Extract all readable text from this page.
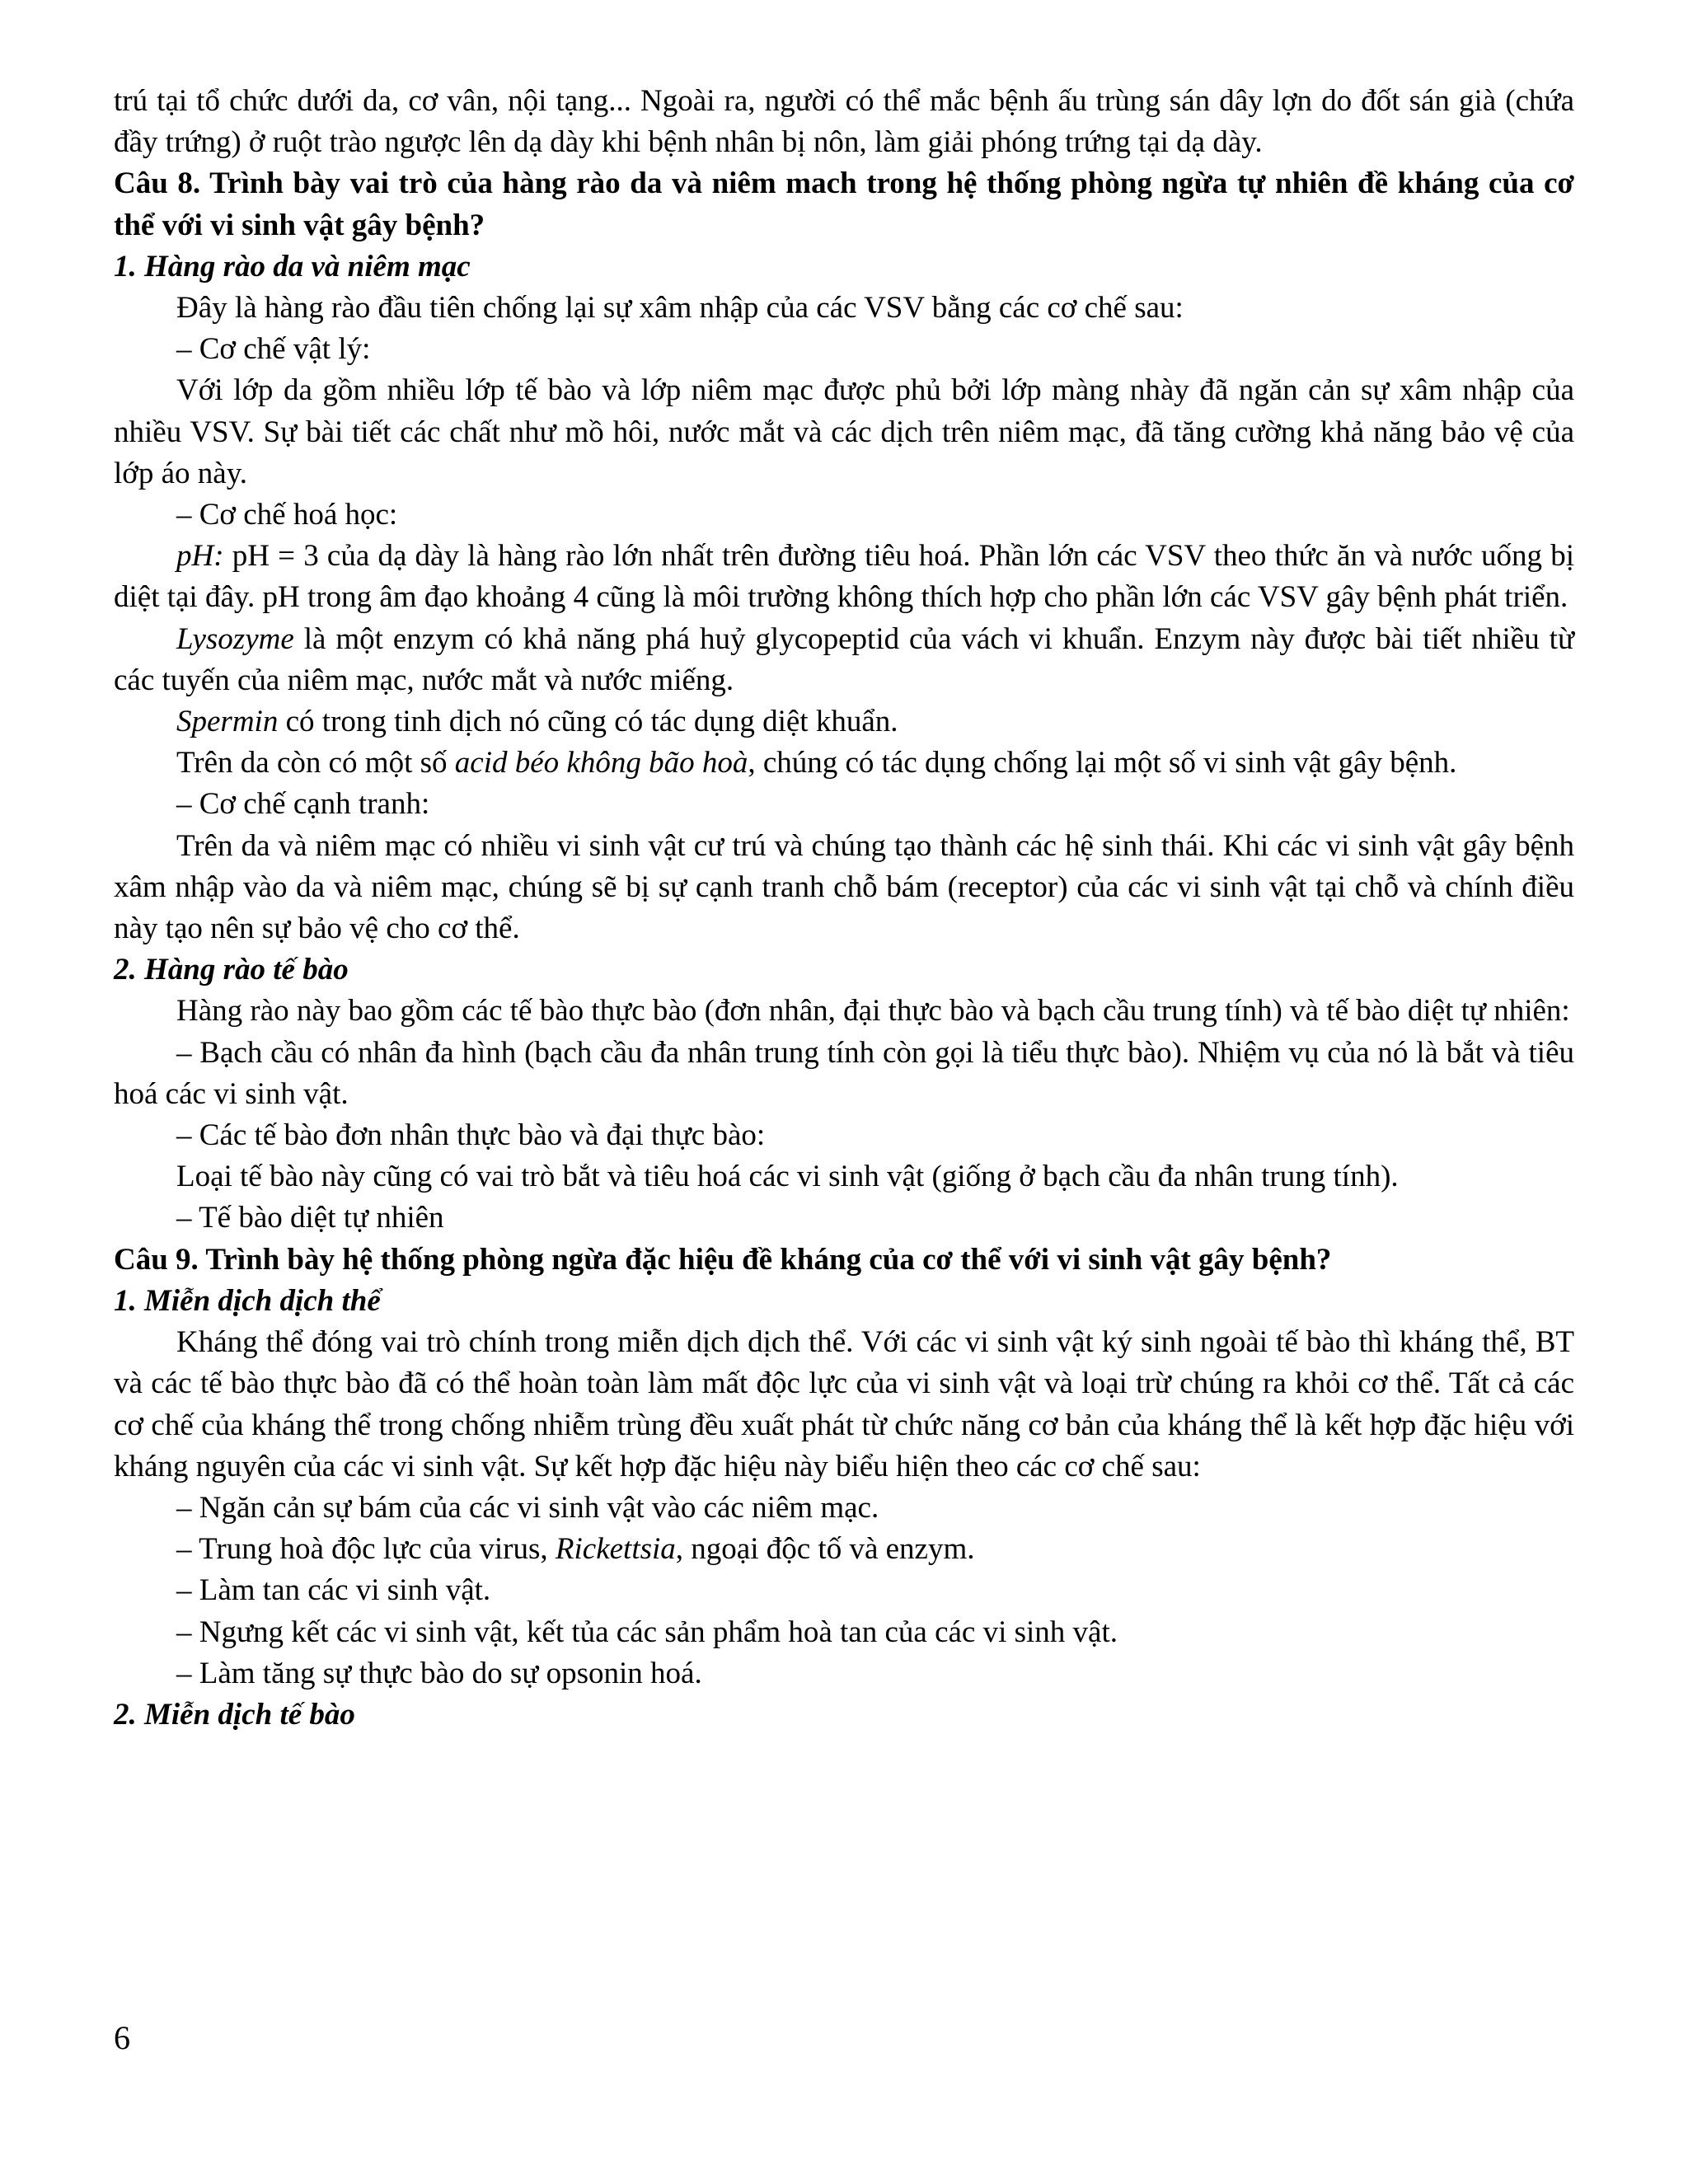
trú tại tổ chức dưới da, cơ vân, nội tạng... Ngoài ra, người có thể mắc bệnh ấu trùng sán dây lợn do đốt sán già (chứa đầy trứng) ở ruột trào ngược lên dạ dày khi bệnh nhân bị nôn, làm giải phóng trứng tại dạ dày.

Câu 8. Trình bày vai trò của hàng rào da và niêm mach trong hệ thống phòng ngừa tự nhiên đề kháng của cơ thể với vi sinh vật gây bệnh?

1. Hàng rào da và niêm mạc

Đây là hàng rào đầu tiên chống lại sự xâm nhập của các VSV bằng các cơ chế sau:

– Cơ chế vật lý:

Với lớp da gồm nhiều lớp tế bào và lớp niêm mạc được phủ bởi lớp màng nhày đã ngăn cản sự xâm nhập của nhiều VSV. Sự bài tiết các chất như mồ hôi, nước mắt và các dịch trên niêm mạc, đã tăng cường khả năng bảo vệ của lớp áo này.

– Cơ chế hoá học:

pH: pH = 3 của dạ dày là hàng rào lớn nhất trên đường tiêu hoá. Phần lớn các VSV theo thức ăn và nước uống bị diệt tại đây. pH trong âm đạo khoảng 4 cũng là môi trường không thích hợp cho phần lớn các VSV gây bệnh phát triển.

Lysozyme là một enzym có khả năng phá huỷ glycopeptid của vách vi khuẩn. Enzym này được bài tiết nhiều từ các tuyến của niêm mạc, nước mắt và nước miếng.

Spermin có trong tinh dịch nó cũng có tác dụng diệt khuẩn.

Trên da còn có một số acid béo không bão hoà, chúng có tác dụng chống lại một số vi sinh vật gây bệnh.

– Cơ chế cạnh tranh:

Trên da và niêm mạc có nhiều vi sinh vật cư trú và chúng tạo thành các hệ sinh thái. Khi các vi sinh vật gây bệnh xâm nhập vào da và niêm mạc, chúng sẽ bị sự cạnh tranh chỗ bám (receptor) của các vi sinh vật tại chỗ và chính điều này tạo nên sự bảo vệ cho cơ thể.

2. Hàng rào tế bào

Hàng rào này bao gồm các tế bào thực bào (đơn nhân, đại thực bào và bạch cầu trung tính) và tế bào diệt tự nhiên:

– Bạch cầu có nhân đa hình (bạch cầu đa nhân trung tính còn gọi là tiểu thực bào). Nhiệm vụ của nó là bắt và tiêu hoá các vi sinh vật.

– Các tế bào đơn nhân thực bào và đại thực bào:

Loại tế bào này cũng có vai trò bắt và tiêu hoá các vi sinh vật (giống ở bạch cầu đa nhân trung tính).

– Tế bào diệt tự nhiên

Câu 9. Trình bày hệ thống phòng ngừa đặc hiệu đề kháng của cơ thể với vi sinh vật gây bệnh?

1. Miễn dịch dịch thể

Kháng thể đóng vai trò chính trong miễn dịch dịch thể. Với các vi sinh vật ký sinh ngoài tế bào thì kháng thể, BT và các tế bào thực bào đã có thể hoàn toàn làm mất độc lực của vi sinh vật và loại trừ chúng ra khỏi cơ thể. Tất cả các cơ chế của kháng thể trong chống nhiễm trùng đều xuất phát từ chức năng cơ bản của kháng thể là kết hợp đặc hiệu với kháng nguyên của các vi sinh vật. Sự kết hợp đặc hiệu này biểu hiện theo các cơ chế sau:

– Ngăn cản sự bám của các vi sinh vật vào các niêm mạc.

– Trung hoà độc lực của virus, Rickettsia, ngoại độc tố và enzym.

– Làm tan các vi sinh vật.

– Ngưng kết các vi sinh vật, kết tủa các sản phẩm hoà tan của các vi sinh vật.

– Làm tăng sự thực bào do sự opsonin hoá.

2. Miễn dịch tế bào

6
